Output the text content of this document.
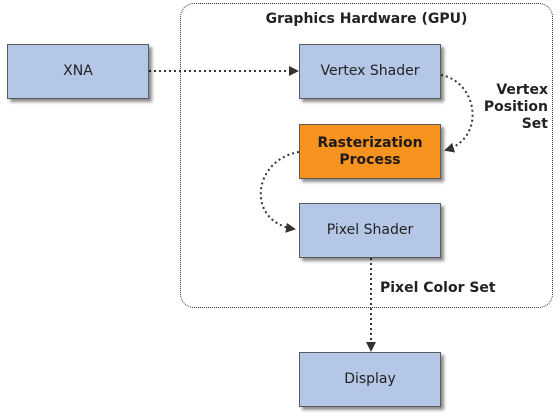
Graphics Hardware (GPU)
XNA	Vertex Shader
Rasterization
Process
Pixel Shader
Display
Vertex
Position
Set
Pixel Color Set
